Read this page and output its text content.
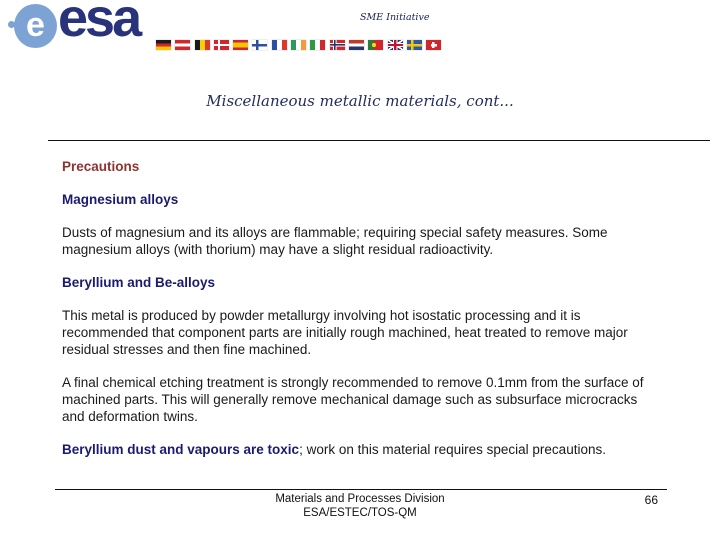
e esa	SME Initiative
Miscellaneous metallic materials, cont...
Precautions
Magnesium alloys

Dusts of magnesium and its alloys are flammable; requiring special safety measures. Some magnesium alloys (with thorium) may have a slight residual radioactivity.

Beryllium and Be-alloys

This metal is produced by powder metallurgy involving hot isostatic processing and it is recommended that component parts are initially rough machined, heat treated to remove major residual stresses and then fine machined.

A final chemical etching treatment is strongly recommended to remove 0.1mm from the surface of machined parts. This will generally remove mechanical damage such as subsurface microcracks and deformation twins.

Beryllium dust and vapours are toxic; work on this material requires special precautions.

Materials and Processes Division
ESA/ESTEC/TOS-QM
66
